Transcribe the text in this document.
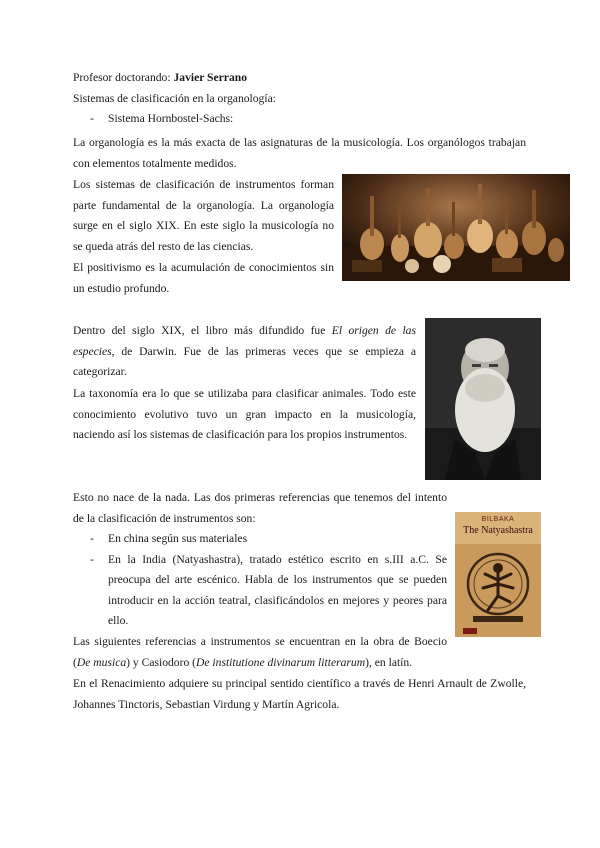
Profesor doctorando: Javier Serrano

Sistemas de clasificación en la organología:

- Sistema Hornbostel-Sachs:

La organología es la más exacta de las asignaturas de la musicología. Los organólogos trabajan con elementos totalmente medidos.

Los sistemas de clasificación de instrumentos forman parte fundamental de la organología. La organología surge en el siglo XIX. En este siglo la musicología no se queda atrás del resto de las ciencias.

El positivismo es la acumulación de conocimientos sin un estudio profundo.

Dentro del siglo XIX, el libro más difundido fue El origen de las especies, de Darwin. Fue de las primeras veces que se empieza a categorizar.

La taxonomía era lo que se utilizaba para clasificar animales. Todo este conocimiento evolutivo tuvo un gran impacto en la musicología, naciendo así los sistemas de clasificación para los propios instrumentos.

Esto no nace de la nada. Las dos primeras referencias que tenemos del intento de la clasificación de instrumentos son:

- En china según sus materiales

- En la India (Natyashastra), tratado estético escrito en s.III a.C. Se preocupa del arte escénico. Habla de los instrumentos que se pueden introducir en la acción teatral, clasificándolos en mejores y peores para ello.

Las siguientes referencias a instrumentos se encuentran en la obra de Boecio (De musica) y Casiodoro (De institutione divinarum litterarum), en latín.

En el Renacimiento adquiere su principal sentido científico a través de Henri Arnault de Zwolle, Johannes Tinctoris, Sebastian Virdung y Martín Agricola.

BILBAKA
The Natyashastra
